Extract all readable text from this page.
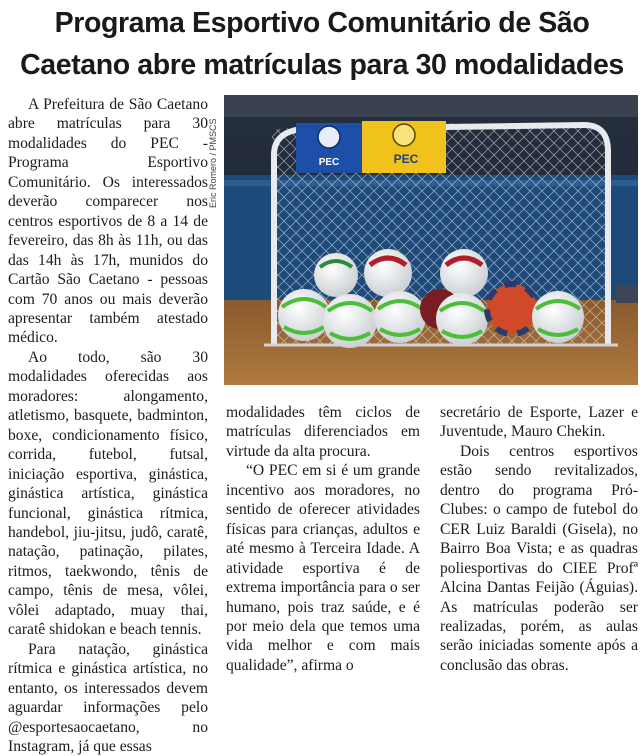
Programa Esportivo Comunitário de São Caetano abre matrículas para 30 modalidades

A Prefeitura de São Caetano abre matrículas para 30 modalidades do PEC - Programa Esportivo Comunitário. Os interessados deverão comparecer nos centros esportivos de 8 a 14 de fevereiro, das 8h às 11h, ou das das 14h às 17h, munidos do Cartão São Caetano - pessoas com 70 anos ou mais deverão apresentar também atestado médico.

Ao todo, são 30 modalidades oferecidas aos moradores: alongamento, atletismo, basquete, badminton, boxe, condicionamento físico, corrida, futebol, futsal, iniciação esportiva, ginástica, ginástica artística, ginástica funcional, ginástica rítmica, handebol, jiu-jitsu, judô, caratê, natação, patinação, pilates, ritmos, taekwondo, tênis de campo, tênis de mesa, vôlei, vôlei adaptado, muay thai, caratê shidokan e beach tennis.

Para natação, ginástica rítmica e ginástica artística, no entanto, os interessados devem aguardar informações pelo @esportesaocaetano, no Instagram, já que essas

Eric Romero / PMSCS	PEC	PEC

modalidades têm ciclos de matrículas diferenciados em virtude da alta procura.

“O PEC em si é um grande incentivo aos moradores, no sentido de oferecer atividades físicas para crianças, adultos e até mesmo à Terceira Idade. A atividade esportiva é de extrema importância para o ser humano, pois traz saúde, e é por meio dela que temos uma vida melhor e com mais qualidade”, afirma o

secretário de Esporte, Lazer e Juventude, Mauro Chekin.

Dois centros esportivos estão sendo revitalizados, dentro do programa Pró-Clubes: o campo de futebol do CER Luiz Baraldi (Gisela), no Bairro Boa Vista; e as quadras poliesportivas do CIEE Profª Alcina Dantas Feijão (Águias). As matrículas poderão ser realizadas, porém, as aulas serão iniciadas somente após a conclusão das obras.
